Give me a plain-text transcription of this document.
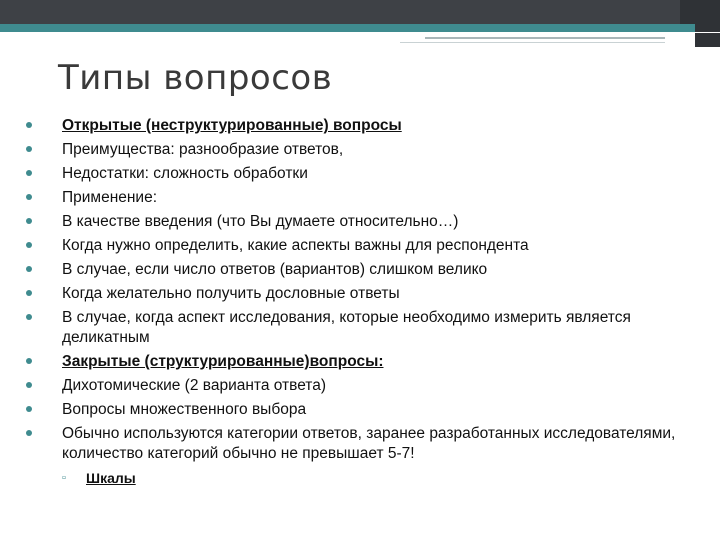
Типы вопросов
Открытые (неструктурированные) вопросы
Преимущества: разнообразие ответов,
Недостатки: сложность обработки
Применение:
В качестве введения (что Вы думаете относительно…)
Когда нужно определить, какие аспекты важны для респондента
В случае, если число ответов (вариантов) слишком велико
Когда желательно получить дословные ответы
В случае, когда аспект исследования, которые необходимо измерить является деликатным
Закрытые (структурированные)вопросы:
Дихотомические (2 варианта ответа)
Вопросы множественного выбора
Обычно используются категории ответов, заранее разработанных исследователями, количество категорий обычно не превышает 5-7!
▫ Шкалы
